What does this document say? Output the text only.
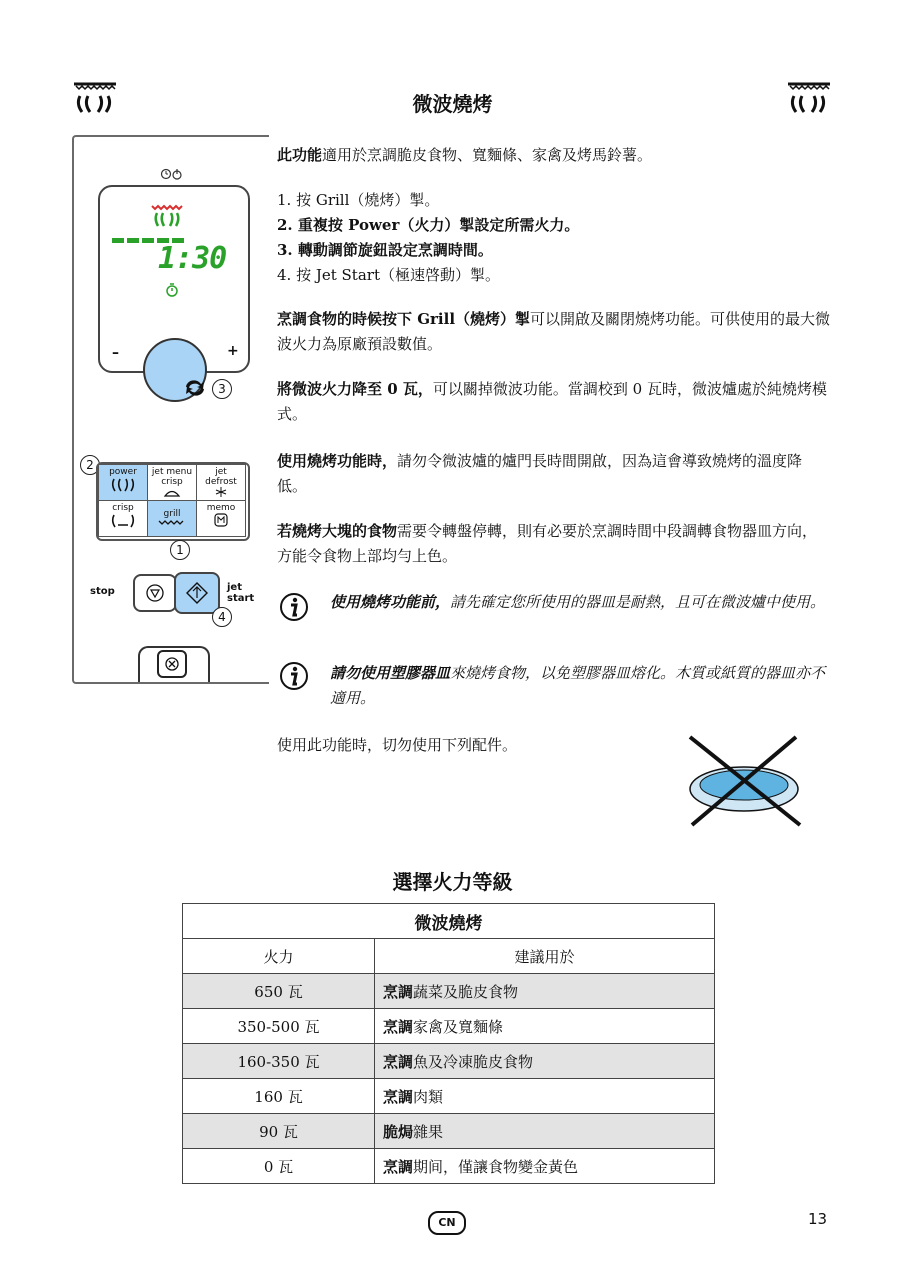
微波燒烤
1:30
–	+
3
2	power	jet menu
crisp
jet
defrost
crisp
grill
memo
1
stop	jet
start
4
此功能適用於烹調脆皮食物、寬麵條、家禽及烤馬鈴薯。
1. 按 Grill（燒烤）掣。
2. 重複按 Power（火力）掣設定所需火力。
3. 轉動調節旋鈕設定烹調時間。
4. 按 Jet Start（極速啓動）掣。
烹調食物的時候按下 Grill（燒烤）掣可以開啟及關閉燒烤功能。可供使用的最大微波火力為原廠預設數值。
將微波火力降至 0 瓦，可以關掉微波功能。當調校到 0 瓦時，微波爐處於純燒烤模式。
使用燒烤功能時，請勿令微波爐的爐門長時間開啟，因為這會導致燒烤的溫度降低。
若燒烤大塊的食物需要令轉盤停轉，則有必要於烹調時間中段調轉食物器皿方向，方能令食物上部均勻上色。
使用燒烤功能前，請先確定您所使用的器皿是耐熱，且可在微波爐中使用。
請勿使用塑膠器皿來燒烤食物，以免塑膠器皿熔化。木質或紙質的器皿亦不適用。
使用此功能時，切勿使用下列配件。
選擇火力等級
微波燒烤	
火力	建議用於
650 瓦	烹調蔬菜及脆皮食物
350-500 瓦	烹調家禽及寬麵條
160-350 瓦	烹調魚及冷凍脆皮食物
160 瓦	烹調肉類
90 瓦	脆焗雜果
0 瓦	烹調期间，僅讓食物變金黃色
CN	13
